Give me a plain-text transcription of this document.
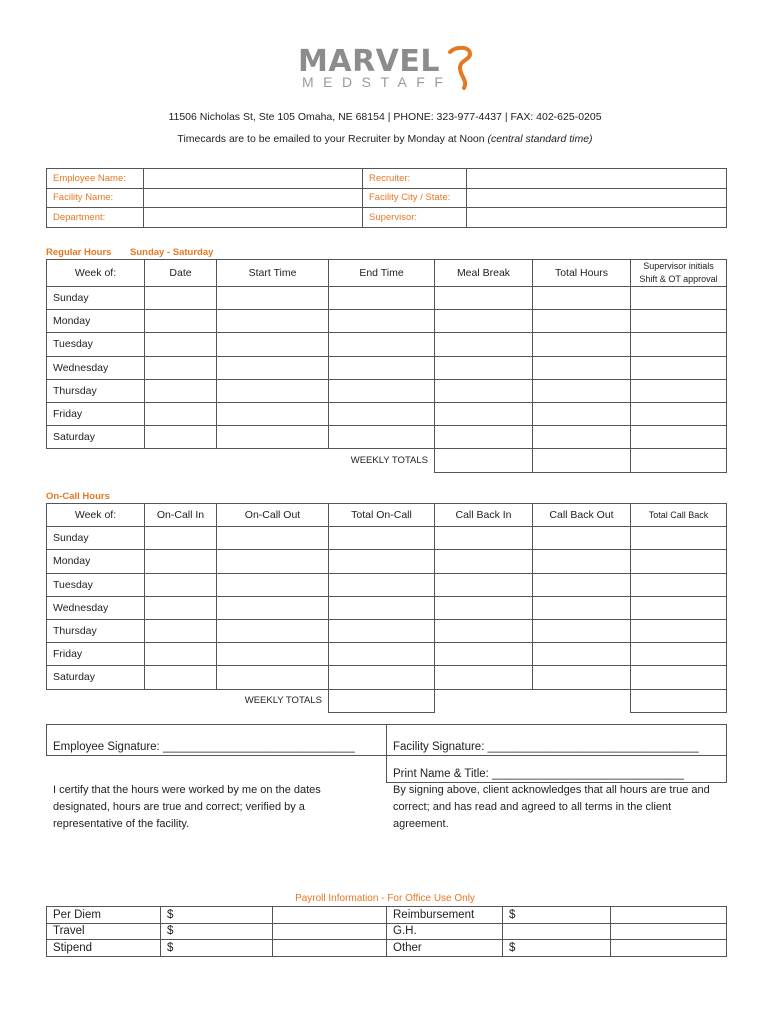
MARVEL
MEDSTAFF
11506 Nicholas St, Ste 105 Omaha, NE 68154 | PHONE: 323-977-4437 | FAX: 402-625-0205
Timecards are to be emailed to your Recruiter by Monday at Noon (central standard time)
Employee Name:		Recruiter:	
Facility Name:		Facility City / State:	
Department:		Supervisor:	
Regular Hours Sunday - Saturday
Week of:	Date	Start Time	End Time	Meal Break	Total Hours	Supervisor initials
Shift & OT approval

Sunday						
Monday						
Tuesday						
Wednesday						
Thursday						
Friday						
Saturday						
			WEEKLY TOTALS			
On-Call Hours
Week of:	On-Call In	On-Call Out	Total On-Call	Call Back In	Call Back Out	Total Call Back
Sunday						
Monday						
Tuesday						
Wednesday						
Thursday						
Friday						
Saturday						
	WEEKLY TOTALS					
Employee Signature: ______________________________	Facility Signature: _________________________________
	Print Name & Title: ______________________________
I certify that the hours were worked by me on the dates designated, hours are true and correct; verified by a representative of the facility.
By signing above, client acknowledges that all hours are true and correct; and has read and agreed to all terms in the client agreement.
Payroll Information - For Office Use Only
Per Diem	$		Reimbursement	$	
Travel	$		G.H.		
Stipend	$		Other	$	
